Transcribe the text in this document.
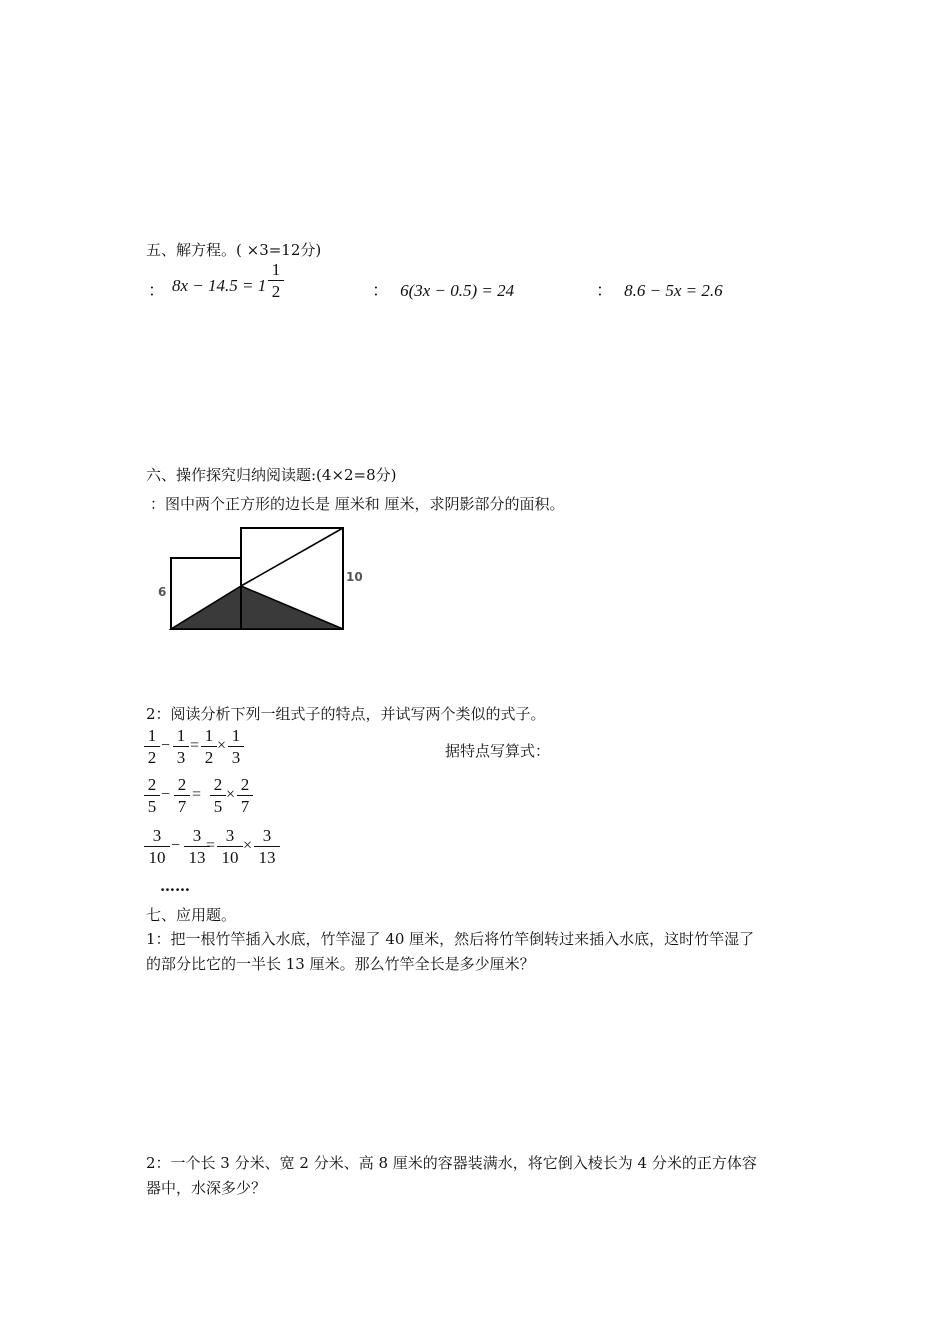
五、解方程。( ×3=12分)
： 8x − 14.5 = 1
1
2	： 6(3x − 0.5) = 24	： 8.6 − 5x = 2.6
六、操作探究归纳阅读题:(4×2=8分)
：图中两个正方形的边长是 厘米和 厘米，求阴影部分的面积。
6
10
2：阅读分析下列一组式子的特点，并试写两个类似的式子。
据特点写算式：
1
2
−
1
3
=
1
2
×
1
3
2
5
−
2
7
=
2
5
×
2
7
3
10
−
3
13
=
3
10
×
3
13
……
七、应用题。
1：把一根竹竿插入水底，竹竿湿了 40 厘米，然后将竹竿倒转过来插入水底，这时竹竿湿了
的部分比它的一半长 13 厘米。那么竹竿全长是多少厘米？
2：一个长 3 分米、宽 2 分米、高 8 厘米的容器装满水，将它倒入棱长为 4 分米的正方体容
器中，水深多少？
